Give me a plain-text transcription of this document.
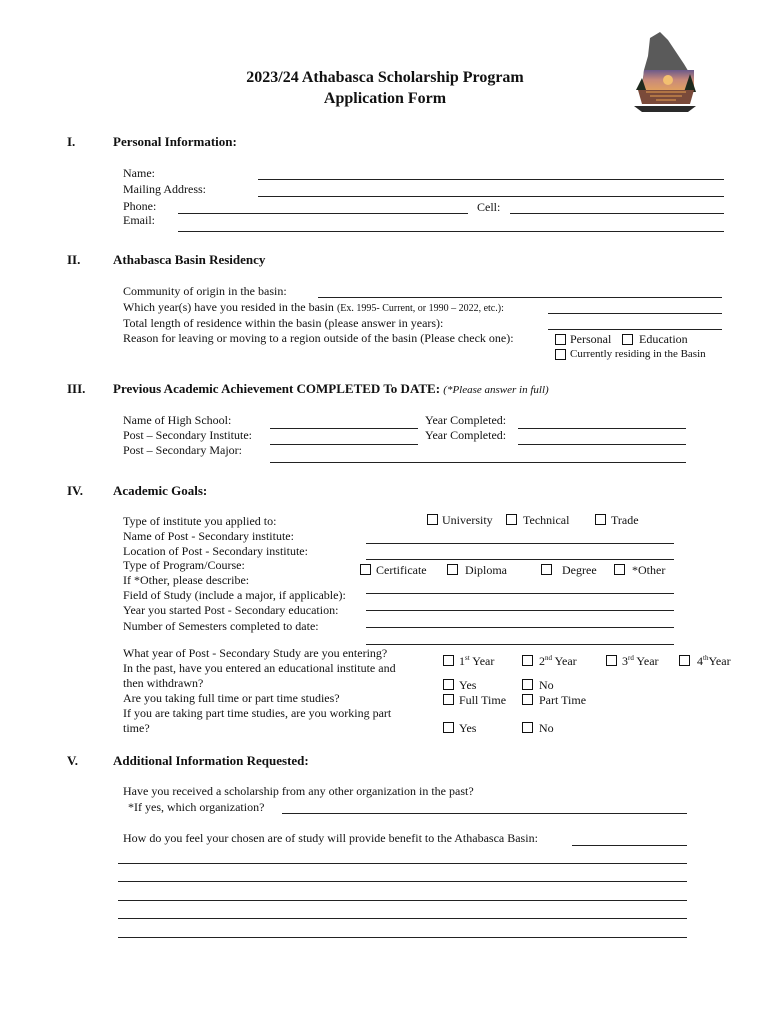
2023/24 Athabasca Scholarship Program
Application Form
I.	Personal Information:
Name:
Mailing Address:
Phone:	Cell:
Email:
II.	Athabasca Basin Residency
Community of origin in the basin:
Which year(s) have you resided in the basin (Ex. 1995- Current, or 1990 – 2022, etc.):
Total length of residence within the basin (please answer in years):
Reason for leaving or moving to a region outside of the basin (Please check one):	Personal Education
Currently residing in the Basin
III. Previous Academic Achievement COMPLETED To DATE: (*Please answer in full)
Name of High School:	Year Completed:
Post – Secondary Institute:	Year Completed:
Post – Secondary Major:
IV. Academic Goals:
Type of institute you applied to:	University	Technical	Trade
Name of Post - Secondary institute:
Location of Post - Secondary institute:
Type of Program/Course:	Certificate	Diploma	Degree	*Other
If *Other, please describe:
Field of Study (include a major, if applicable):
Year you started Post - Secondary education:
Number of Semesters completed to date:
What year of Post - Secondary Study are you entering?
1st Year	2nd Year	3rd Year	4thYear
In the past, have you entered an educational institute and
then withdrawn?	Yes	No
Are you taking full time or part time studies?	Full Time	Part Time
If you are taking part time studies, are you working part
time?	Yes	No
V.	Additional Information Requested:
Have you received a scholarship from any other organization in the past?
*If yes, which organization?
How do you feel your chosen are of study will provide benefit to the Athabasca Basin:
